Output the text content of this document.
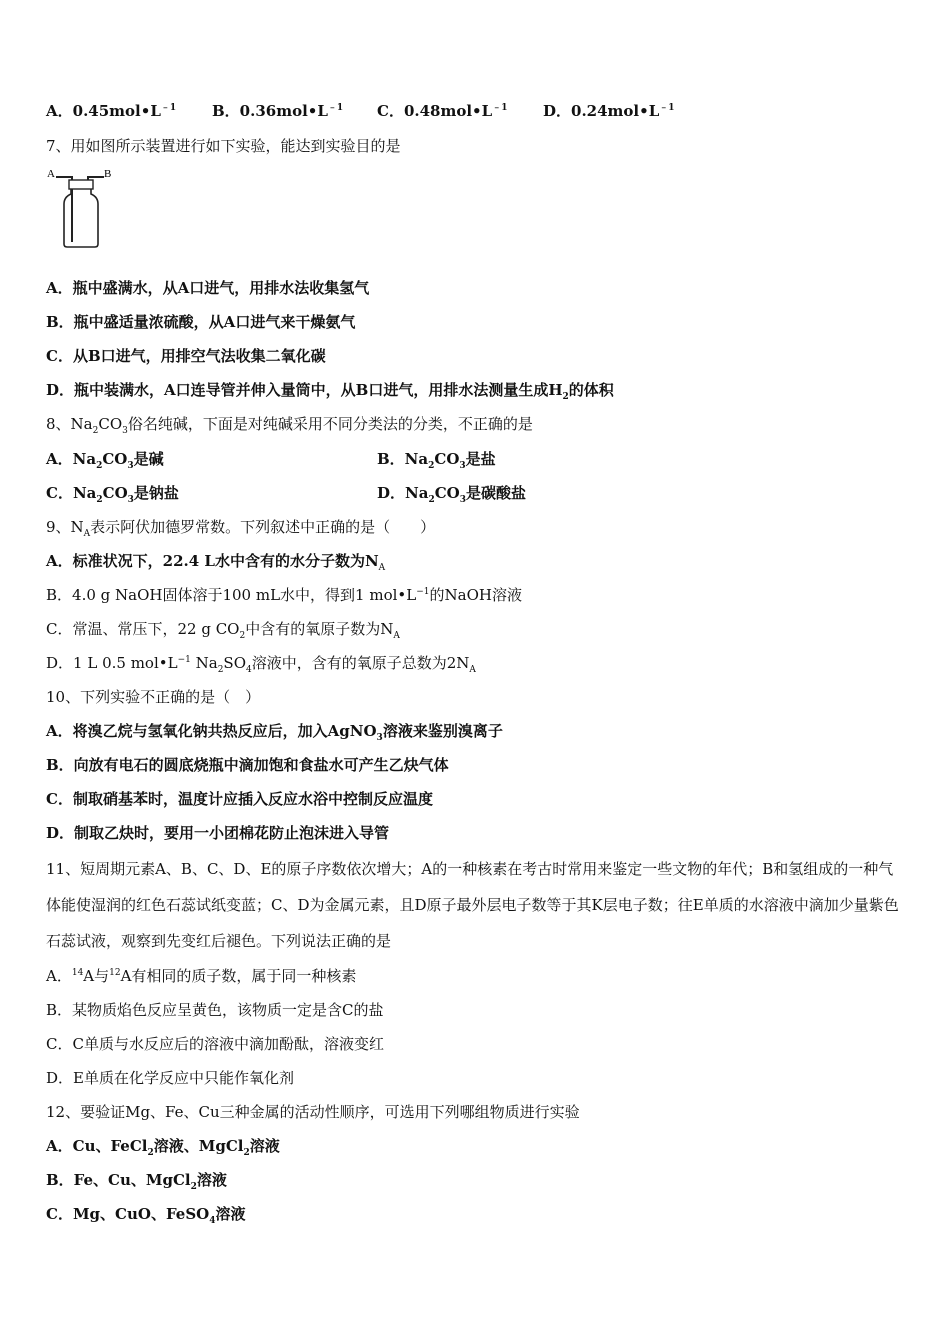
A．$0.45mol•L^{﹣1}$ B．$0.36mol•L^{﹣1}$ C．$0.48mol•L^{﹣1}$ D．$0.24mol•L^{﹣1}$
7、用如图所示装置进行如下实验，能达到实验目的是
A	B
A．瓶中盛满水，从A口进气，用排水法收集氢气
B．瓶中盛适量浓硫酸，从A口进气来干燥氨气
C．从B口进气，用排空气法收集二氧化碳
D．瓶中装满水，A口连导管并伸入量筒中，从B口进气，用排水法测量生成$H_2$的体积
8、$Na_2CO_3$俗名纯碱，下面是对纯碱采用不同分类法的分类，不正确的是
A．$Na_2CO_3$是碱	B．$Na_2CO_3$是盐
C．$Na_2CO_3$是钠盐	D．$Na_2CO_3$是碳酸盐
9、$N_A$表示阿伏加德罗常数。下列叙述中正确的是（　　）
A．标准状况下，22.4 L水中含有的水分子数为$N_A$
B．4.0 g NaOH固体溶于100 mL水中，得到1 $mol•L^{-1}$的NaOH溶液
C．常温、常压下，22 g $CO_2$中含有的氧原子数为$N_A$
D．1 L 0.5 $mol•L^{-1}$ $Na_2SO_4$溶液中，含有的氧原子总数为$2N_A$
10、下列实验不正确的是（　）
A．将溴乙烷与氢氧化钠共热反应后，加入AgNO$_3$溶液来鉴别溴离子
B．向放有电石的圆底烧瓶中滴加饱和食盐水可产生乙炔气体
C．制取硝基苯时，温度计应插入反应水浴中控制反应温度
D．制取乙炔时，要用一小团棉花防止泡沫进入导管
11、短周期元素A、B、C、D、E的原子序数依次增大；A的一种核素在考古时常用来鉴定一些文物的年代；B和氢组成的一种气体能使湿润的红色石蕊试纸变蓝；C、D为金属元素，且D原子最外层电子数等于其K层电子数；往E单质的水溶液中滴加少量紫色石蕊试液，观察到先变红后褪色。下列说法正确的是
A．$^{14}$A与$^{12}$A有相同的质子数，属于同一种核素
B．某物质焰色反应呈黄色，该物质一定是含C的盐
C．C单质与水反应后的溶液中滴加酚酞，溶液变红
D．E单质在化学反应中只能作氧化剂
12、要验证Mg、Fe、Cu三种金属的活动性顺序，可选用下列哪组物质进行实验
A．Cu、FeCl$_2$溶液、MgCl$_2$溶液
B．Fe、Cu、MgCl$_2$溶液
C．Mg、CuO、FeSO$_4$溶液
